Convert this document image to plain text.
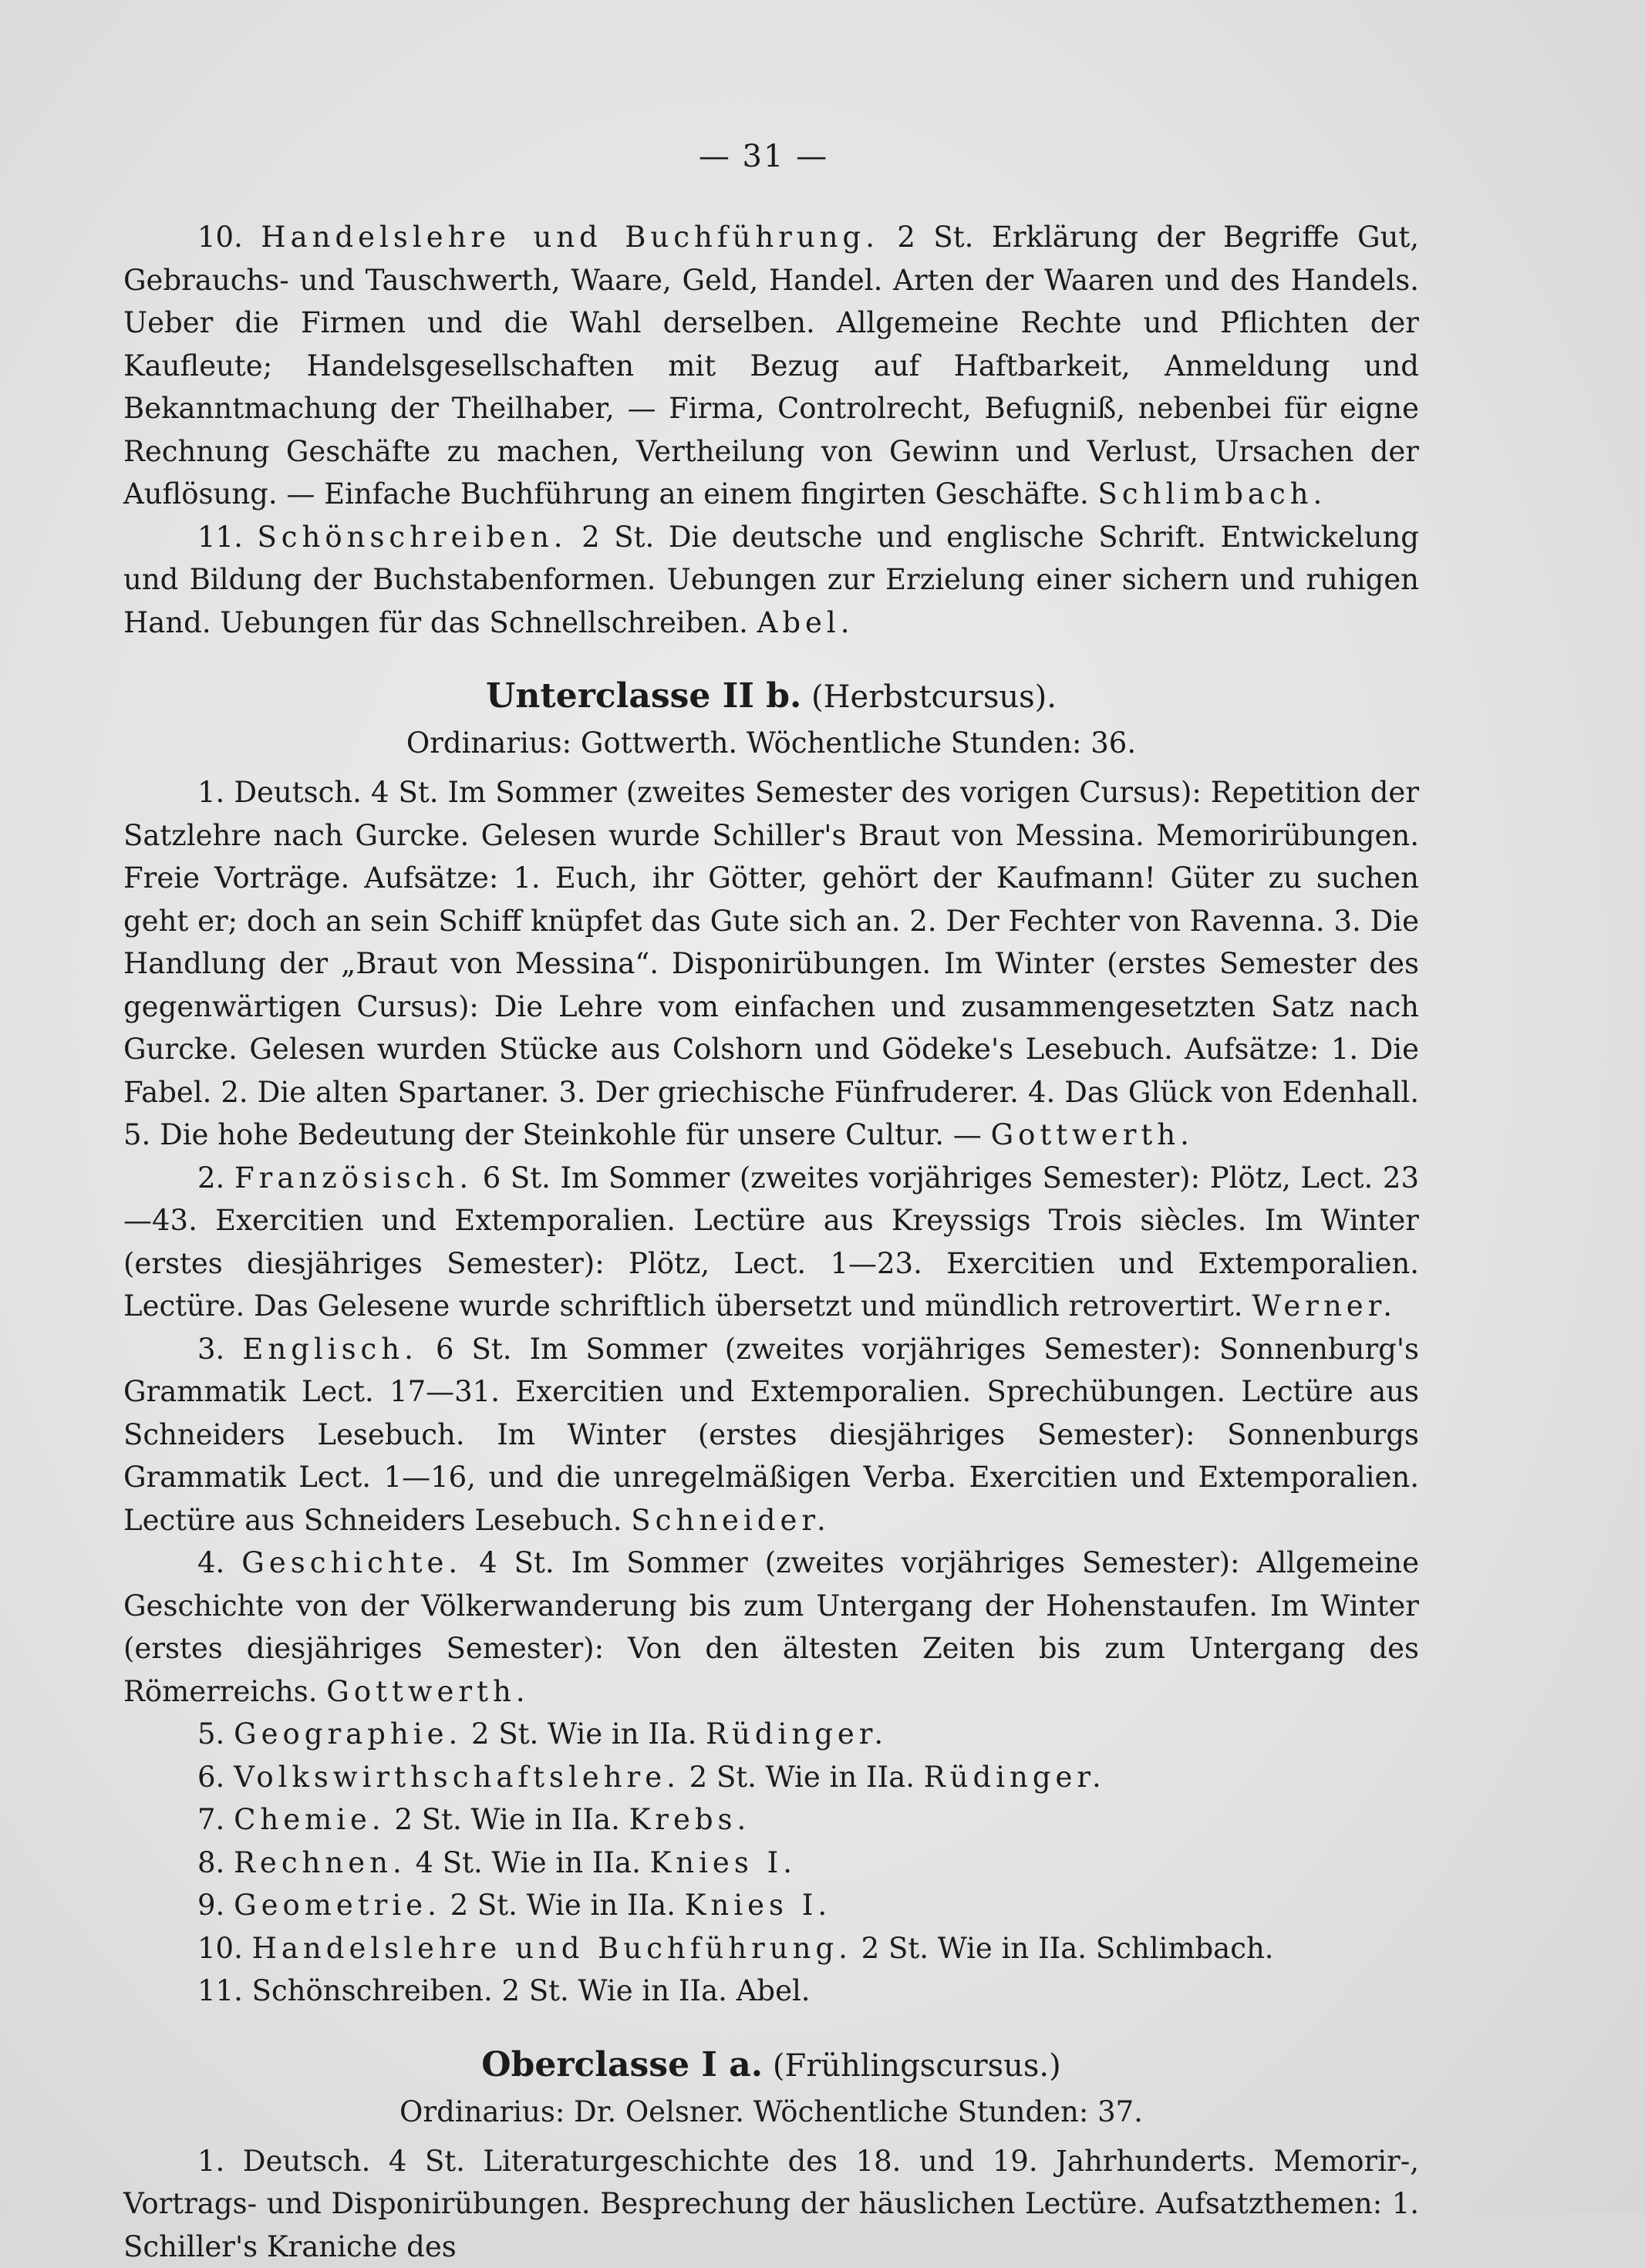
— 31 —

10. Handelslehre und Buchführung. 2 St. Erklärung der Begriffe Gut, Gebrauchs- und Tauschwerth, Waare, Geld, Handel. Arten der Waaren und des Handels. Ueber die Firmen und die Wahl derselben. Allgemeine Rechte und Pflichten der Kaufleute; Handelsgesellschaften mit Bezug auf Haftbarkeit, Anmeldung und Bekanntmachung der Theilhaber, — Firma, Controlrecht, Befugniß, nebenbei für eigne Rechnung Geschäfte zu machen, Vertheilung von Gewinn und Verlust, Ursachen der Auflösung. — Einfache Buchführung an einem fingirten Geschäfte. Schlimbach.

11. Schönschreiben. 2 St. Die deutsche und englische Schrift. Entwickelung und Bildung der Buchstabenformen. Uebungen zur Erzielung einer sichern und ruhigen Hand. Uebungen für das Schnellschreiben. Abel.

Unterclasse II b. (Herbstcursus).
Ordinarius: Gottwerth. Wöchentliche Stunden: 36.

1. Deutsch. 4 St. Im Sommer (zweites Semester des vorigen Cursus): Repetition der Satzlehre nach Gurcke. Gelesen wurde Schiller's Braut von Messina. Memorirübungen. Freie Vorträge. Aufsätze: 1. Euch, ihr Götter, gehört der Kaufmann! Güter zu suchen geht er; doch an sein Schiff knüpfet das Gute sich an. 2. Der Fechter von Ravenna. 3. Die Handlung der „Braut von Messina“. Disponirübungen. Im Winter (erstes Semester des gegenwärtigen Cursus): Die Lehre vom einfachen und zusammengesetzten Satz nach Gurcke. Gelesen wurden Stücke aus Colshorn und Gödeke's Lesebuch. Aufsätze: 1. Die Fabel. 2. Die alten Spartaner. 3. Der griechische Fünfruderer. 4. Das Glück von Edenhall. 5. Die hohe Bedeutung der Steinkohle für unsere Cultur. — Gottwerth.

2. Französisch. 6 St. Im Sommer (zweites vorjähriges Semester): Plötz, Lect. 23—43. Exercitien und Extemporalien. Lectüre aus Kreyssigs Trois siècles. Im Winter (erstes diesjähriges Semester): Plötz, Lect. 1—23. Exercitien und Extemporalien. Lectüre. Das Gelesene wurde schriftlich übersetzt und mündlich retrovertirt. Werner.

3. Englisch. 6 St. Im Sommer (zweites vorjähriges Semester): Sonnenburg's Grammatik Lect. 17—31. Exercitien und Extemporalien. Sprechübungen. Lectüre aus Schneiders Lesebuch. Im Winter (erstes diesjähriges Semester): Sonnenburgs Grammatik Lect. 1—16, und die unregelmäßigen Verba. Exercitien und Extemporalien. Lectüre aus Schneiders Lesebuch. Schneider.

4. Geschichte. 4 St. Im Sommer (zweites vorjähriges Semester): Allgemeine Geschichte von der Völkerwanderung bis zum Untergang der Hohenstaufen. Im Winter (erstes diesjähriges Semester): Von den ältesten Zeiten bis zum Untergang des Römerreichs. Gottwerth.

5. Geographie. 2 St. Wie in IIa. Rüdinger.
6. Volkswirthschaftslehre. 2 St. Wie in IIa. Rüdinger.
7. Chemie. 2 St. Wie in IIa. Krebs.
8. Rechnen. 4 St. Wie in IIa. Knies I.
9. Geometrie. 2 St. Wie in IIa. Knies I.
10. Handelslehre und Buchführung. 2 St. Wie in IIa. Schlimbach.
11. Schönschreiben. 2 St. Wie in IIa. Abel.
Oberclasse I a. (Frühlingscursus.)
Ordinarius: Dr. Oelsner. Wöchentliche Stunden: 37.

1. Deutsch. 4 St. Literaturgeschichte des 18. und 19. Jahrhunderts. Memorir-, Vortrags- und Disponirübungen. Besprechung der häuslichen Lectüre. Aufsatzthemen: 1. Schiller's Kraniche des
